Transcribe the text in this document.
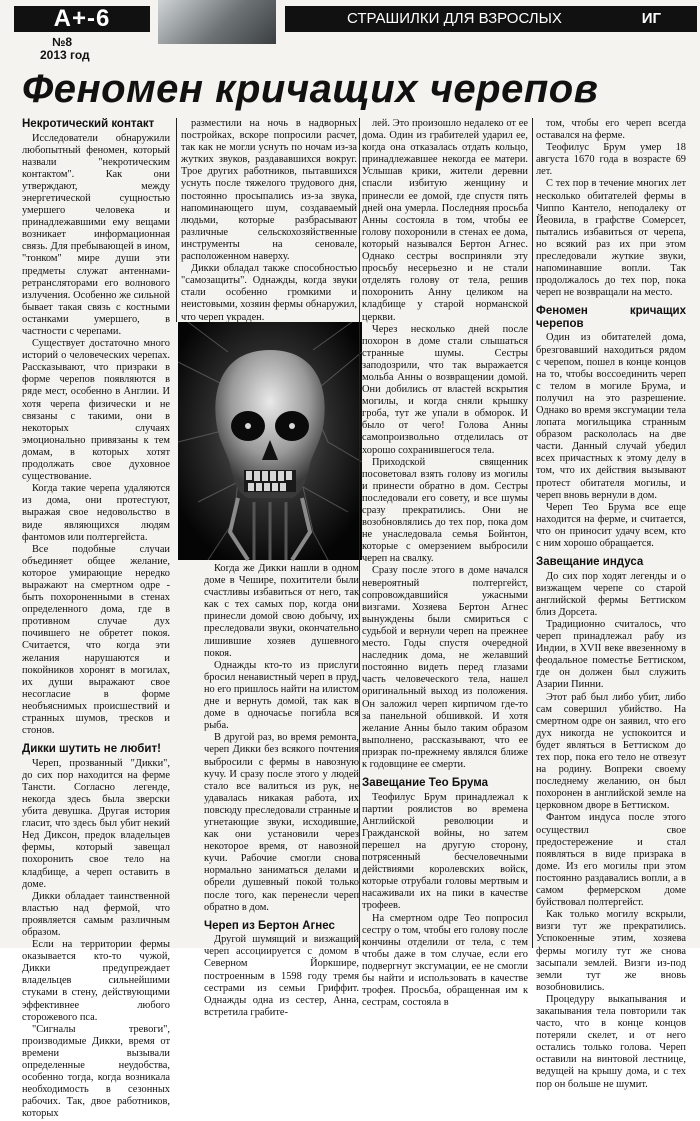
А+-6	СТРАШИЛКИ ДЛЯ ВЗРОСЛЫХ	ИГ
№8
2013 год
Феномен кричащих черепов
Некротический контакт

Исследователи обнаружили любопытный феномен, который назвали "некротическим контактом". Как они утверждают, между энергетической сущностью умершего человека и принадлежавшими ему вещами возникает информационная связь. Для пребывающей в ином, "тонком" мире души эти предметы служат антеннами-ретрансляторами его волнового излучения. Особенно же сильной бывает такая связь с костными останками умершего, в частности с черепами.

Существует достаточно много историй о человеческих черепах. Рассказывают, что призраки в форме черепов появляются в ряде мест, особенно в Англии. И хотя черепа физически и не связаны с такими, они в некоторых случаях эмоционально привязаны к тем домам, в которых хотят продолжать свое духовное существование.

Когда такие черепа удаляются из дома, они протестуют, выражая свое недовольство в виде являющихся людям фантомов или полтергейста.

Все подобные случаи объединяет общее желание, которое умирающие нередко выражают на смертном одре - быть похороненными в стенах определенного дома, где в противном случае дух почившего не обретет покоя. Считается, что когда эти желания нарушаются и покойников хоронят в могилах, их души выражают свое несогласие в форме необъяснимых происшествий и странных шумов, тресков и стонов.

Дикки шутить не любит!

Череп, прозванный "Дикки", до сих пор находится на ферме Тансти. Согласно легенде, некогда здесь была зверски убита девушка. Другая история гласит, что здесь был убит некий Нед Диксон, предок владельцев фермы, который завещал похоронить свое тело на кладбище, а череп оставить в доме.

Дикки обладает таинственной властью над фермой, что проявляется самым различным образом.

Если на территории фермы оказывается кто-то чужой, Дикки предупреждает владельцев сильнейшими стуками в стену, действующими эффективнее любого сторожевого пса.

"Сигналы тревоги", производимые Дикки, время от времени вызывали определенные неудобства, особенно тогда, когда возникала необходимость в сезонных рабочих. Так, двое работников, которых

разместили на ночь в надворных постройках, вскоре попросили расчет, так как не могли уснуть по ночам из-за жутких звуков, раздававшихся вокруг. Трое других работников, пытавшихся уснуть после тяжелого трудового дня, постоянно просыпались из-за звука, напоминающего шум, создаваемый людьми, которые разбрасывают различные сельскохозяйственные инструменты на сеновале, расположенном наверху.

Дикки обладал также способностью "самозащиты". Однажды, когда звуки стали особенно громкими и неистовыми, хозяин фермы обнаружил, что череп украден.

Когда же Дикки нашли в одном доме в Чешире, похитители были счастливы избавиться от него, так как с тех самых пор, когда они принесли домой свою добычу, их преследовали звуки, окончательно лишившие хозяев душевного покоя.

Однажды кто-то из прислуги бросил ненавистный череп в пруд, но его пришлось найти на илистом дне и вернуть домой, так как в доме в одночасье погибла вся рыба.

В другой раз, во время ремонта, череп Дикки без всякого почтения выбросили с фермы в навозную кучу. И сразу после этого у людей стало все валиться из рук, не удавалась никакая работа, их повсюду преследовали странные и угнетающие звуки, исходившие, как они установили через некоторое время, от навозной кучи. Рабочие смогли снова нормально заниматься делами и обрели душевный покой только после того, как перенесли череп обратно в дом.

Череп из Бертон Агнес

Другой шумящий и визжащий череп ассоциируется с домом в Северном Йоркшире, построенным в 1598 году тремя сестрами из семьи Гриффит. Однажды одна из сестер, Анна, встретила грабите-

лей. Это произошло недалеко от ее дома. Один из грабителей ударил ее, когда она отказалась отдать кольцо, принадлежавшее некогда ее матери. Услышав крики, жители деревни спасли избитую женщину и принесли ее домой, где спустя пять дней она умерла. Последняя просьба Анны состояла в том, чтобы ее голову похоронили в стенах ее дома, который назывался Бертон Агнес. Однако сестры восприняли эту просьбу несерьезно и не стали отделять голову от тела, решив похоронить Анну целиком на кладбище у старой норманской церкви.

Через несколько дней после похорон в доме стали слышаться странные шумы. Сестры заподозрили, что так выражается мольба Анны о возвращении домой. Они добились от властей вскрытия могилы, и когда сняли крышку гроба, тут же упали в обморок. И было от чего! Голова Анны самопроизвольно отделилась от хорошо сохранившегося тела.

Приходской священник посоветовал взять голову из могилы и принести обратно в дом. Сестры последовали его совету, и все шумы сразу прекратились. Они не возобновлялись до тех пор, пока дом не унаследовала семья Бойнтон, которые с омерзением выбросили череп на свалку.

Сразу после этого в доме начался невероятный полтергейст, сопровождавшийся ужасными визгами. Хозяева Бертон Агнес вынуждены были смириться с судьбой и вернули череп на прежнее место. Годы спустя очередной наследник дома, не желавший постоянно видеть перед глазами часть человеческого тела, нашел оригинальный выход из положения. Он заложил череп кирпичом где-то за панельной обшивкой. И хотя желание Анны было таким образом выполнено, рассказывают, что ее призрак по-прежнему являлся ближе к годовщине ее смерти.

Завещание Тео Брума

Теофилус Брум принадлежал к партии роялистов во времена Английской революции и Гражданской войны, но затем перешел на другую сторону, потрясенный бесчеловечными действиями королевских войск, которые отрубали головы мертвым и насаживали их на пики в качестве трофеев.

На смертном одре Тео попросил сестру о том, чтобы его голову после кончины отделили от тела, с тем чтобы даже в том случае, если его подвергнут эксгумации, ее не смогли бы найти и использовать в качестве трофея. Просьба, обращенная им к сестрам, состояла в

том, чтобы его череп всегда оставался на ферме.

Теофилус Брум умер 18 августа 1670 года в возрасте 69 лет.

С тех пор в течение многих лет несколько обитателей фермы в Чиппо Кантело, неподалеку от Йеовила, в графстве Сомерсет, пытались избавиться от черепа, но всякий раз их при этом преследовали жуткие звуки, напоминавшие вопли. Так продолжалось до тех пор, пока череп не возвращали на место.

Феномен кричащих черепов

Один из обитателей дома, брезговавший находиться рядом с черепом, пошел в конце концов на то, чтобы воссоединить череп с телом в могиле Брума, и получил на это разрешение. Однако во время эксгумации тела лопата могильщика странным образом раскололась на две части. Данный случай убедил всех причастных к этому делу в том, что их действия вызывают протест обитателя могилы, и череп вновь вернули в дом.

Череп Тео Брума все еще находится на ферме, и считается, что он приносит удачу всем, кто с ним хорошо обращается.

Завещание индуса

До сих пор ходят легенды и о визжащем черепе со старой английской фермы Беттиском близ Дорсета.

Традиционно считалось, что череп принадлежал рабу из Индии, в XVII веке ввезенному в феодальное поместье Беттиском, где он должен был служить Азарии Пинни.

Этот раб был либо убит, либо сам совершил убийство. На смертном одре он заявил, что его дух никогда не успокоится и будет являться в Беттиском до тех пор, пока его тело не отвезут на родину. Вопреки своему последнему желанию, он был похоронен в английской земле на церковном дворе в Беттиском.

Фантом индуса после этого осуществил свое предостережение и стал появляться в виде призрака в доме. Из его могилы при этом постоянно раздавались вопли, а в самом фермерском доме буйствовал полтергейст.

Как только могилу вскрыли, визги тут же прекратились. Успокоенные этим, хозяева фермы могилу тут же снова засыпали землей. Визги из-под земли тут же вновь возобновились.

Процедуру выкапывания и закапывания тела повторили так часто, что в конце концов потеряли скелет, и от него остались только голова. Череп оставили на винтовой лестнице, ведущей на крышу дома, и с тех пор он больше не шумит.
